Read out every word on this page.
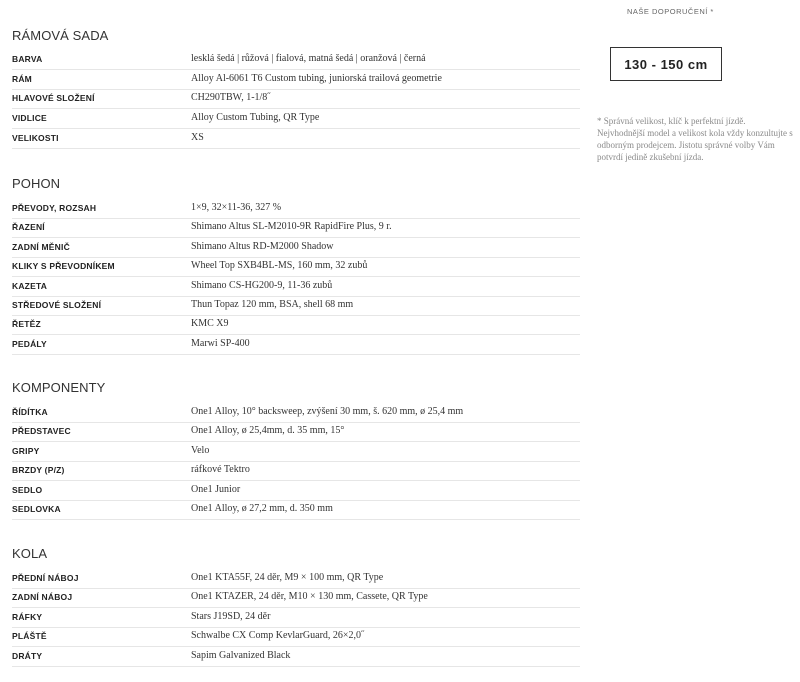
RÁMOVÁ SADA
BARVA	lesklá šedá | růžová | fialová, matná šedá | oranžová | černá
RÁM	Alloy Al-6061 T6 Custom tubing, juniorská trailová geometrie
HLAVOVÉ SLOŽENÍ	CH290TBW, 1-1/8˝
VIDLICE	Alloy Custom Tubing, QR Type
VELIKOSTI	XS
POHON
PŘEVODY, ROZSAH	1×9, 32×11-36, 327 %
ŘAZENÍ	Shimano Altus SL-M2010-9R RapidFire Plus, 9 r.
ZADNÍ MĚNIČ	Shimano Altus RD-M2000 Shadow
KLIKY S PŘEVODNÍKEM	Wheel Top SXB4BL-MS, 160 mm, 32 zubů
KAZETA	Shimano CS-HG200-9, 11-36 zubů
STŘEDOVÉ SLOŽENÍ	Thun Topaz 120 mm, BSA, shell 68 mm
ŘETĚZ	KMC X9
PEDÁLY	Marwi SP-400
KOMPONENTY
ŘÍDÍTKA	One1 Alloy, 10° backsweep, zvýšení 30 mm, š. 620 mm, ø 25,4 mm
PŘEDSTAVEC	One1 Alloy, ø 25,4mm, d. 35 mm, 15°
GRIPY	Velo
BRZDY (P/Z)	ráfkové Tektro
SEDLO	One1 Junior
SEDLOVKA	One1 Alloy, ø 27,2 mm, d. 350 mm
KOLA
PŘEDNÍ NÁBOJ	One1 KTA55F, 24 děr, M9 × 100 mm, QR Type
ZADNÍ NÁBOJ	One1 KTAZER, 24 děr, M10 × 130 mm, Cassete, QR Type
RÁFKY	Stars J19SD, 24 děr
PLÁŠTĚ	Schwalbe CX Comp KevlarGuard, 26×2,0˝
DRÁTY	Sapim Galvanized Black
NAŠE DOPORUČENÍ *
130 - 150 cm
* Správná velikost, klíč k perfektní jízdě. Nejvhodnější model a velikost kola vždy konzultujte s odborným prodejcem. Jistotu správné volby Vám potvrdí jedině zkušební jízda.
